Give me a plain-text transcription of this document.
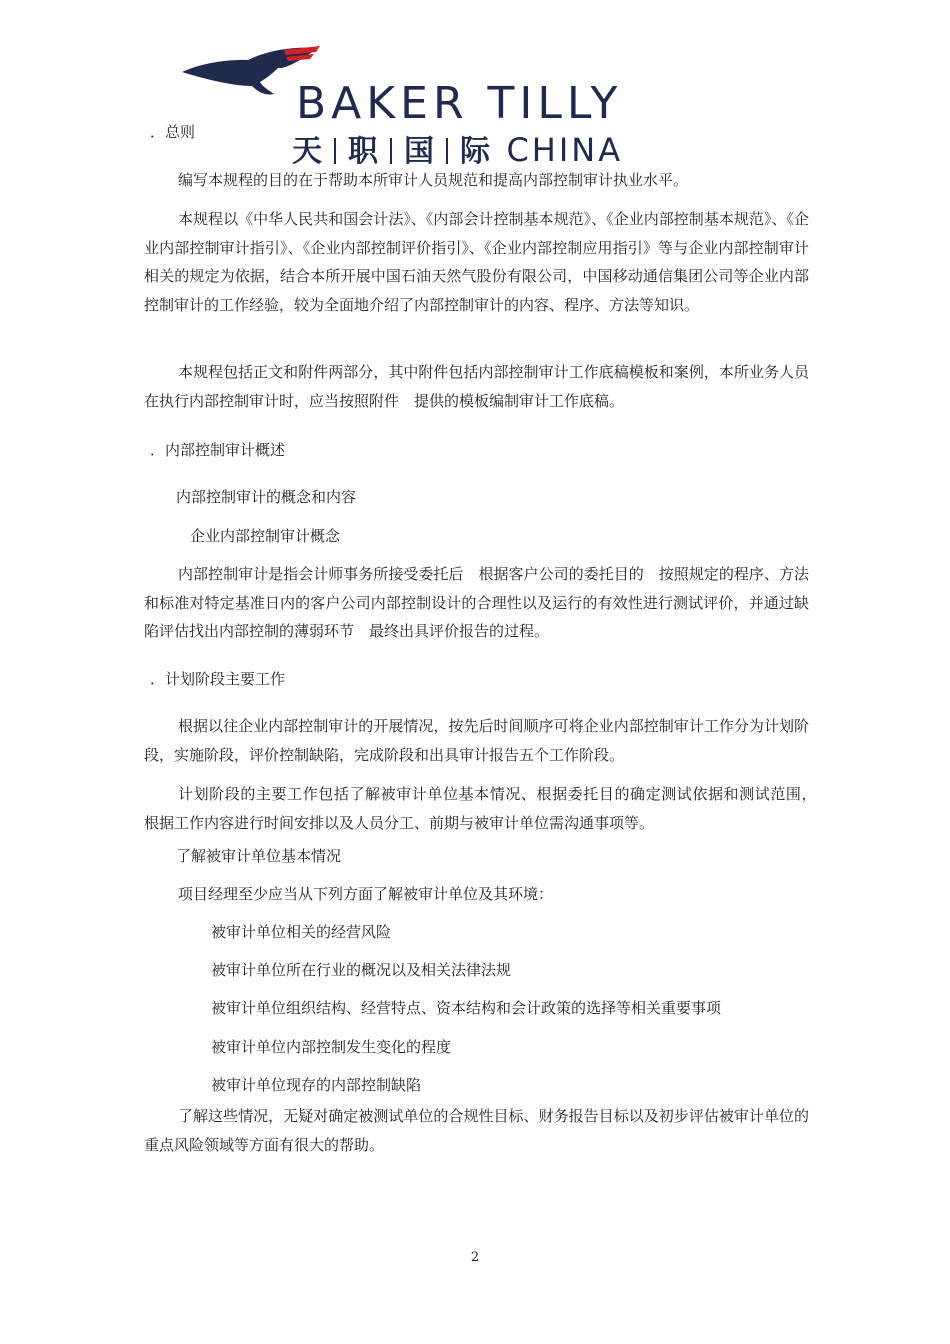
BAKER TILLY
天 职 国 际 CHINA
．总则
编写本规程的目的在于帮助本所审计人员规范和提高内部控制审计执业水平。
本规程以《中华人民共和国会计法》、《内部会计控制基本规范》、《企业内部控制基本规范》、《企业内部控制审计指引》、《企业内部控制评价指引》、《企业内部控制应用指引》等与企业内部控制审计相关的规定为依据，结合本所开展中国石油天然气股份有限公司，中国移动通信集团公司等企业内部控制审计的工作经验，较为全面地介绍了内部控制审计的内容、程序、方法等知识。
本规程包括正文和附件两部分，其中附件包括内部控制审计工作底稿模板和案例，本所业务人员在执行内部控制审计时，应当按照附件　提供的模板编制审计工作底稿。
．内部控制审计概述
内部控制审计的概念和内容
企业内部控制审计概念
内部控制审计是指会计师事务所接受委托后　根据客户公司的委托目的　按照规定的程序、方法和标准对特定基准日内的客户公司内部控制设计的合理性以及运行的有效性进行测试评价，并通过缺陷评估找出内部控制的薄弱环节　最终出具评价报告的过程。
．计划阶段主要工作
根据以往企业内部控制审计的开展情况，按先后时间顺序可将企业内部控制审计工作分为计划阶段，实施阶段，评价控制缺陷，完成阶段和出具审计报告五个工作阶段。
计划阶段的主要工作包括了解被审计单位基本情况、根据委托目的确定测试依据和测试范围，　根据工作内容进行时间安排以及人员分工、前期与被审计单位需沟通事项等。
了解被审计单位基本情况
项目经理至少应当从下列方面了解被审计单位及其环境：
被审计单位相关的经营风险
被审计单位所在行业的概况以及相关法律法规
被审计单位组织结构、经营特点、资本结构和会计政策的选择等相关重要事项
被审计单位内部控制发生变化的程度
被审计单位现存的内部控制缺陷
了解这些情况，无疑对确定被测试单位的合规性目标、财务报告目标以及初步评估被审计单位的重点风险领域等方面有很大的帮助。
2
